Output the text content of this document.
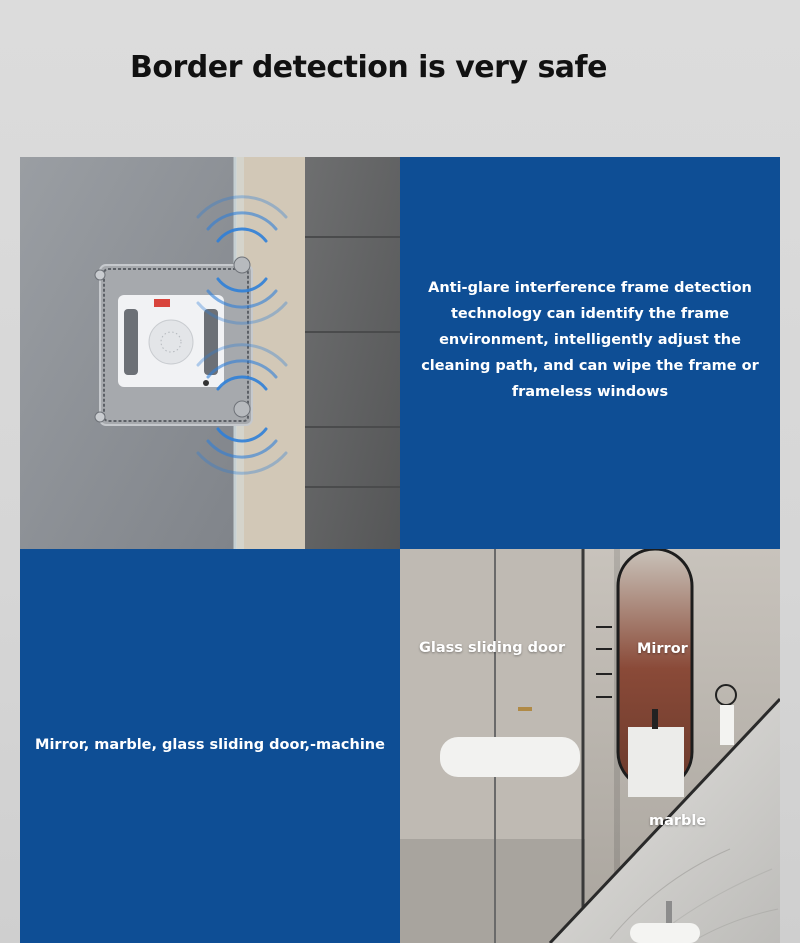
Border detection is very safe
Anti-glare interference frame detection
technology can identify the frame
environment, intelligently adjust the
cleaning path, and can wipe the frame or
frameless windows
Mirror, marble, glass sliding door,-machine
Glass sliding door	Mirror
marble
